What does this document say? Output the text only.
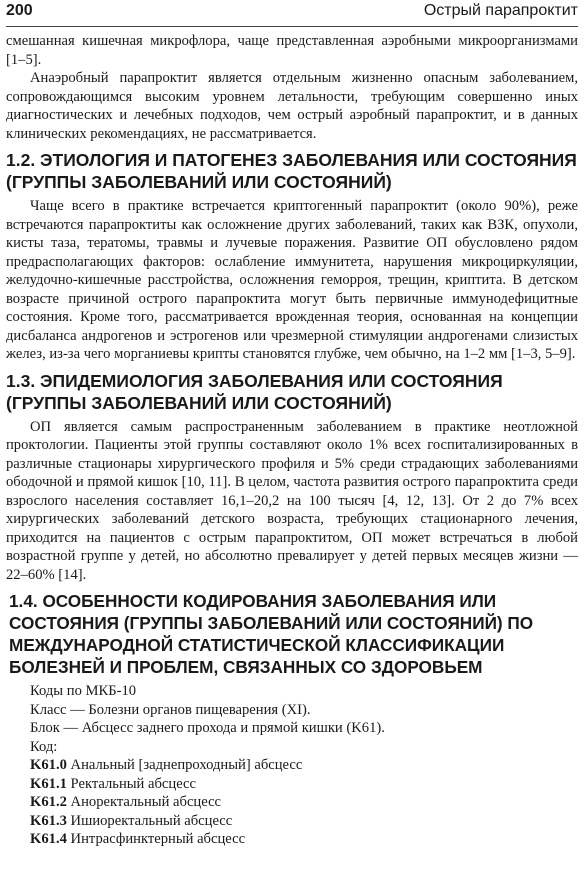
200	Острый парапроктит

смешанная кишечная микрофлора, чаще представленная аэробными микроорганизмами [1–5].

Анаэробный парапроктит является отдельным жизненно опасным заболеванием, сопровождающимся высоким уровнем летальности, требующим совершенно иных диагностических и лечебных подходов, чем острый аэробный парапроктит, и в данных клинических рекомендациях, не рассматривается.

1.2. ЭТИОЛОГИЯ И ПАТОГЕНЕЗ ЗАБОЛЕВАНИЯ ИЛИ СОСТОЯНИЯ (ГРУППЫ ЗАБОЛЕВАНИЙ ИЛИ СОСТОЯНИЙ)

Чаще всего в практике встречается криптогенный парапроктит (около 90%), реже встречаются парапроктиты как осложнение других заболеваний, таких как ВЗК, опухоли, кисты таза, тератомы, травмы и лучевые поражения. Развитие ОП обусловлено рядом предрасполагающих факторов: ослабление иммунитета, нарушения микроциркуляции, желудочно-кишечные расстройства, осложнения геморроя, трещин, криптита. В детском возрасте причиной острого парапроктита могут быть первичные иммунодефицитные состояния. Кроме того, рассматривается врожденная теория, основанная на концепции дисбаланса андрогенов и эстрогенов или чрезмерной стимуляции андрогенами слизистых желез, из-за чего морганиевы крипты становятся глубже, чем обычно, на 1–2 мм [1–3, 5–9].

1.3. ЭПИДЕМИОЛОГИЯ ЗАБОЛЕВАНИЯ ИЛИ СОСТОЯНИЯ (ГРУППЫ ЗАБОЛЕВАНИЙ ИЛИ СОСТОЯНИЙ)

ОП является самым распространенным заболеванием в практике неотложной проктологии. Пациенты этой группы составляют около 1% всех госпитализированных в различные стационары хирургического профиля и 5% среди страдающих заболеваниями ободочной и прямой кишок [10, 11]. В целом, частота развития острого парапроктита среди взрослого населения составляет 16,1–20,2 на 100 тысяч [4, 12, 13]. От 2 до 7% всех хирургических заболеваний детского возраста, требующих стационарного лечения, приходится на пациентов с острым парапроктитом, ОП может встречаться в любой возрастной группе у детей, но абсолютно превалирует у детей первых месяцев жизни — 22–60% [14].

1.4. ОСОБЕННОСТИ КОДИРОВАНИЯ ЗАБОЛЕВАНИЯ ИЛИ СОСТОЯНИЯ (ГРУППЫ ЗАБОЛЕВАНИЙ ИЛИ СОСТОЯНИЙ) ПО МЕЖДУНАРОДНОЙ СТАТИСТИЧЕСКОЙ КЛАССИФИКАЦИИ БОЛЕЗНЕЙ И ПРОБЛЕМ, СВЯЗАННЫХ СО ЗДОРОВЬЕМ

Коды по МКБ-10

Класс — Болезни органов пищеварения (XI).

Блок — Абсцесс заднего прохода и прямой кишки (K61).

Код:

K61.0 Анальный [заднепроходный] абсцесс

K61.1 Ректальный абсцесс

K61.2 Аноректальный абсцесс

K61.3 Ишиоректальный абсцесс

K61.4 Интрасфинктерный абсцесс
